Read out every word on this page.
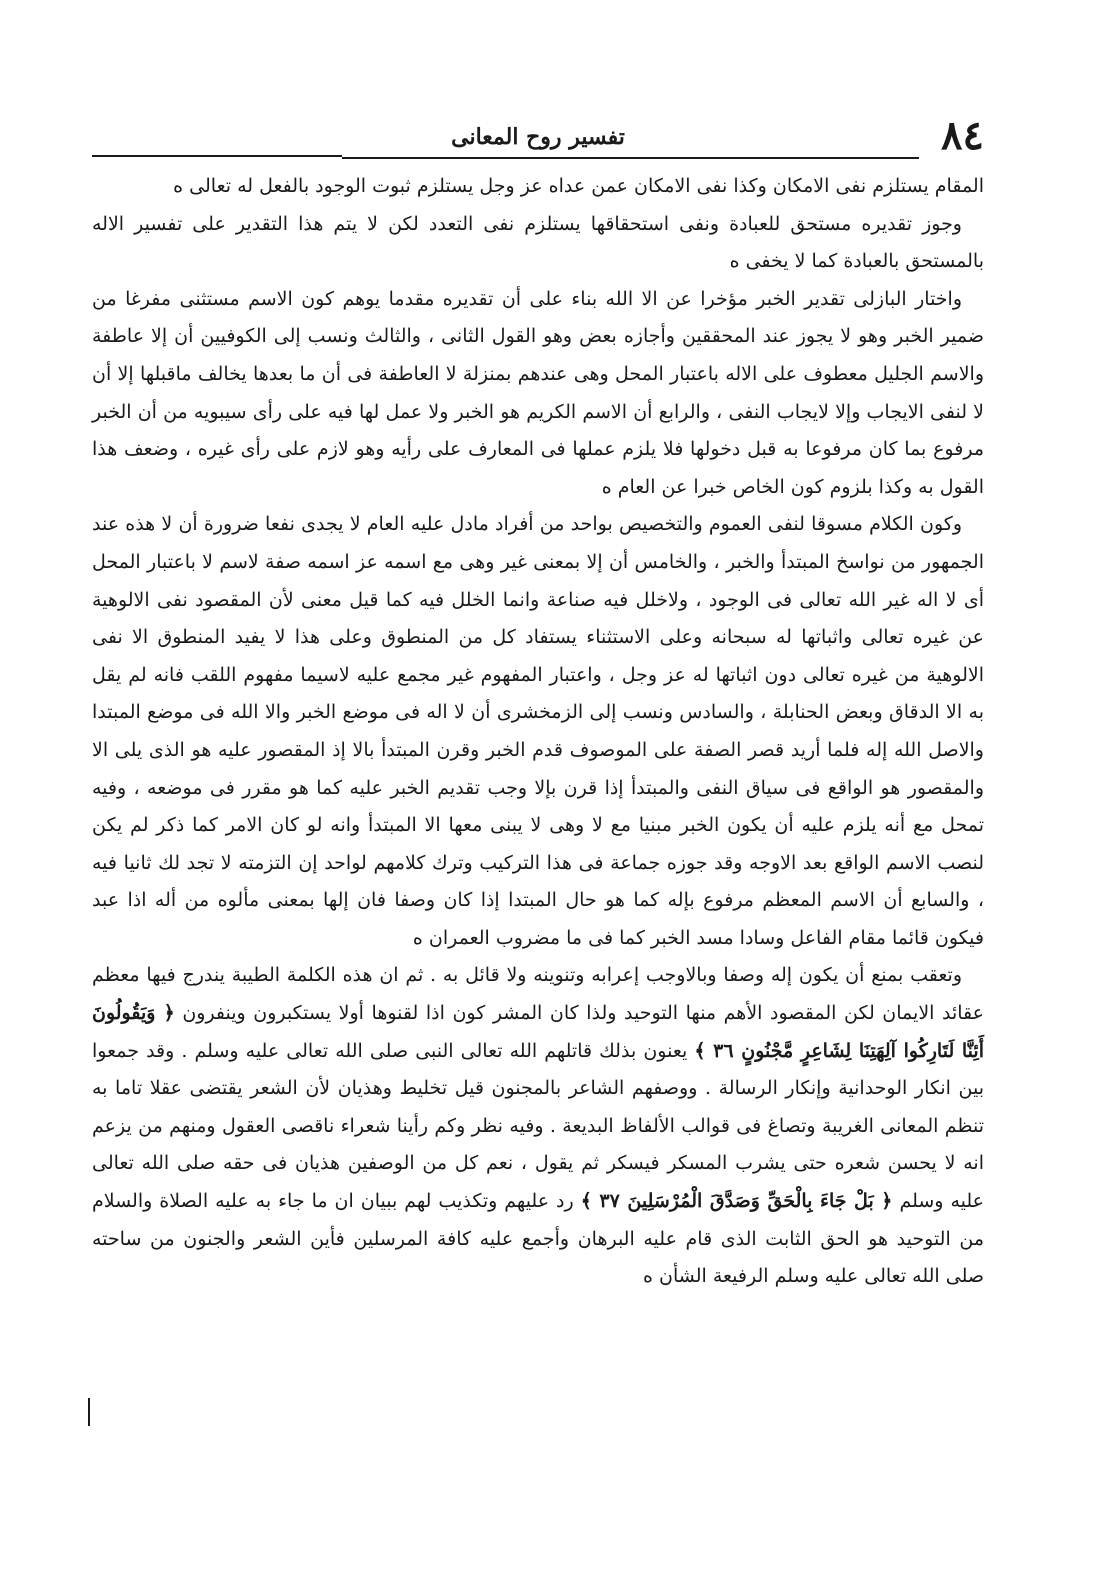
٨٤
تفسير روح المعانى

المقام يستلزم نفى الامكان وكذا نفى الامكان عمن عداه عز وجل يستلزم ثبوت الوجود بالفعل له تعالى ه

وجوز تقديره مستحق للعبادة ونفى استحقاقها يستلزم نفى التعدد لكن لا يتم هذا التقدير على تفسير الاله بالمستحق بالعبادة كما لا يخفى ه

واختار البازلى تقدير الخبر مؤخرا عن الا الله بناء على أن تقديره مقدما يوهم كون الاسم مستثنى مفرغا من ضمير الخبر وهو لا يجوز عند المحققين وأجازه بعض وهو القول الثانى ، والثالث ونسب إلى الكوفيين أن إلا عاطفة والاسم الجليل معطوف على الاله باعتبار المحل وهى عندهم بمنزلة لا العاطفة فى أن ما بعدها يخالف ماقبلها إلا أن لا لنفى الايجاب وإلا لايجاب النفى ، والرابع أن الاسم الكريم هو الخبر ولا عمل لها فيه على رأى سيبويه من أن الخبر مرفوع بما كان مرفوعا به قبل دخولها فلا يلزم عملها فى المعارف على رأيه وهو لازم على رأى غيره ، وضعف هذا القول به وكذا بلزوم كون الخاص خبرا عن العام ه

وكون الكلام مسوقا لنفى العموم والتخصيص بواحد من أفراد مادل عليه العام لا يجدى نفعا ضرورة أن لا هذه عند الجمهور من نواسخ المبتدأ والخبر ، والخامس أن إلا بمعنى غير وهى مع اسمه عز اسمه صفة لاسم لا باعتبار المحل أى لا اله غير الله تعالى فى الوجود ، ولاخلل فيه صناعة وانما الخلل فيه كما قيل معنى لأن المقصود نفى الالوهية عن غيره تعالى واثباتها له سبحانه وعلى الاستثناء يستفاد كل من المنطوق وعلى هذا لا يفيد المنطوق الا نفى الالوهية من غيره تعالى دون اثباتها له عز وجل ، واعتبار المفهوم غير مجمع عليه لاسيما مفهوم اللقب فانه لم يقل به الا الدقاق وبعض الحنابلة ، والسادس ونسب إلى الزمخشرى أن لا اله فى موضع الخبر والا الله فى موضع المبتدا والاصل الله إله فلما أريد قصر الصفة على الموصوف قدم الخبر وقرن المبتدأ بالا إذ المقصور عليه هو الذى يلى الا والمقصور هو الواقع فى سياق النفى والمبتدأ إذا قرن بإلا وجب تقديم الخبر عليه كما هو مقرر فى موضعه ، وفيه تمحل مع أنه يلزم عليه أن يكون الخبر مبنيا مع لا وهى لا يبنى معها الا المبتدأ وانه لو كان الامر كما ذكر لم يكن لنصب الاسم الواقع بعد الاوجه وقد جوزه جماعة فى هذا التركيب وترك كلامهم لواحد إن التزمته لا تجد لك ثانيا فيه ، والسابع أن الاسم المعظم مرفوع بإله كما هو حال المبتدا إذا كان وصفا فان إلها بمعنى مألوه من أله اذا عبد فيكون قائما مقام الفاعل وسادا مسد الخبر كما فى ما مضروب العمران ه

وتعقب بمنع أن يكون إله وصفا وبالاوجب إعرابه وتنوينه ولا قائل به . ثم ان هذه الكلمة الطيبة يندرج فيها معظم عقائد الايمان لكن المقصود الأهم منها التوحيد ولذا كان المشر كون اذا لقنوها أولا يستكبرون وينفرون ﴿ وَيَقُولُونَ أَئِنَّا لَتَارِكُوا آلِهَتِنَا لِشَاعِرٍ مَّجْنُونٍ ٣٦ ﴾ يعنون بذلك قاتلهم الله تعالى النبى صلى الله تعالى عليه وسلم . وقد جمعوا بين انكار الوحدانية وإنكار الرسالة . ووصفهم الشاعر بالمجنون قيل تخليط وهذيان لأن الشعر يقتضى عقلا تاما به تنظم المعانى الغريبة وتصاغ فى قوالب الألفاظ البديعة . وفيه نظر وكم رأينا شعراء ناقصى العقول ومنهم من يزعم انه لا يحسن شعره حتى يشرب المسكر فيسكر ثم يقول ، نعم كل من الوصفين هذيان فى حقه صلى الله تعالى عليه وسلم ﴿ بَلْ جَاءَ بِالْحَقِّ وَصَدَّقَ الْمُرْسَلِينَ ٣٧ ﴾ رد عليهم وتكذيب لهم ببيان ان ما جاء به عليه الصلاة والسلام من التوحيد هو الحق الثابت الذى قام عليه البرهان وأجمع عليه كافة المرسلين فأين الشعر والجنون من ساحته صلى الله تعالى عليه وسلم الرفيعة الشأن ه
